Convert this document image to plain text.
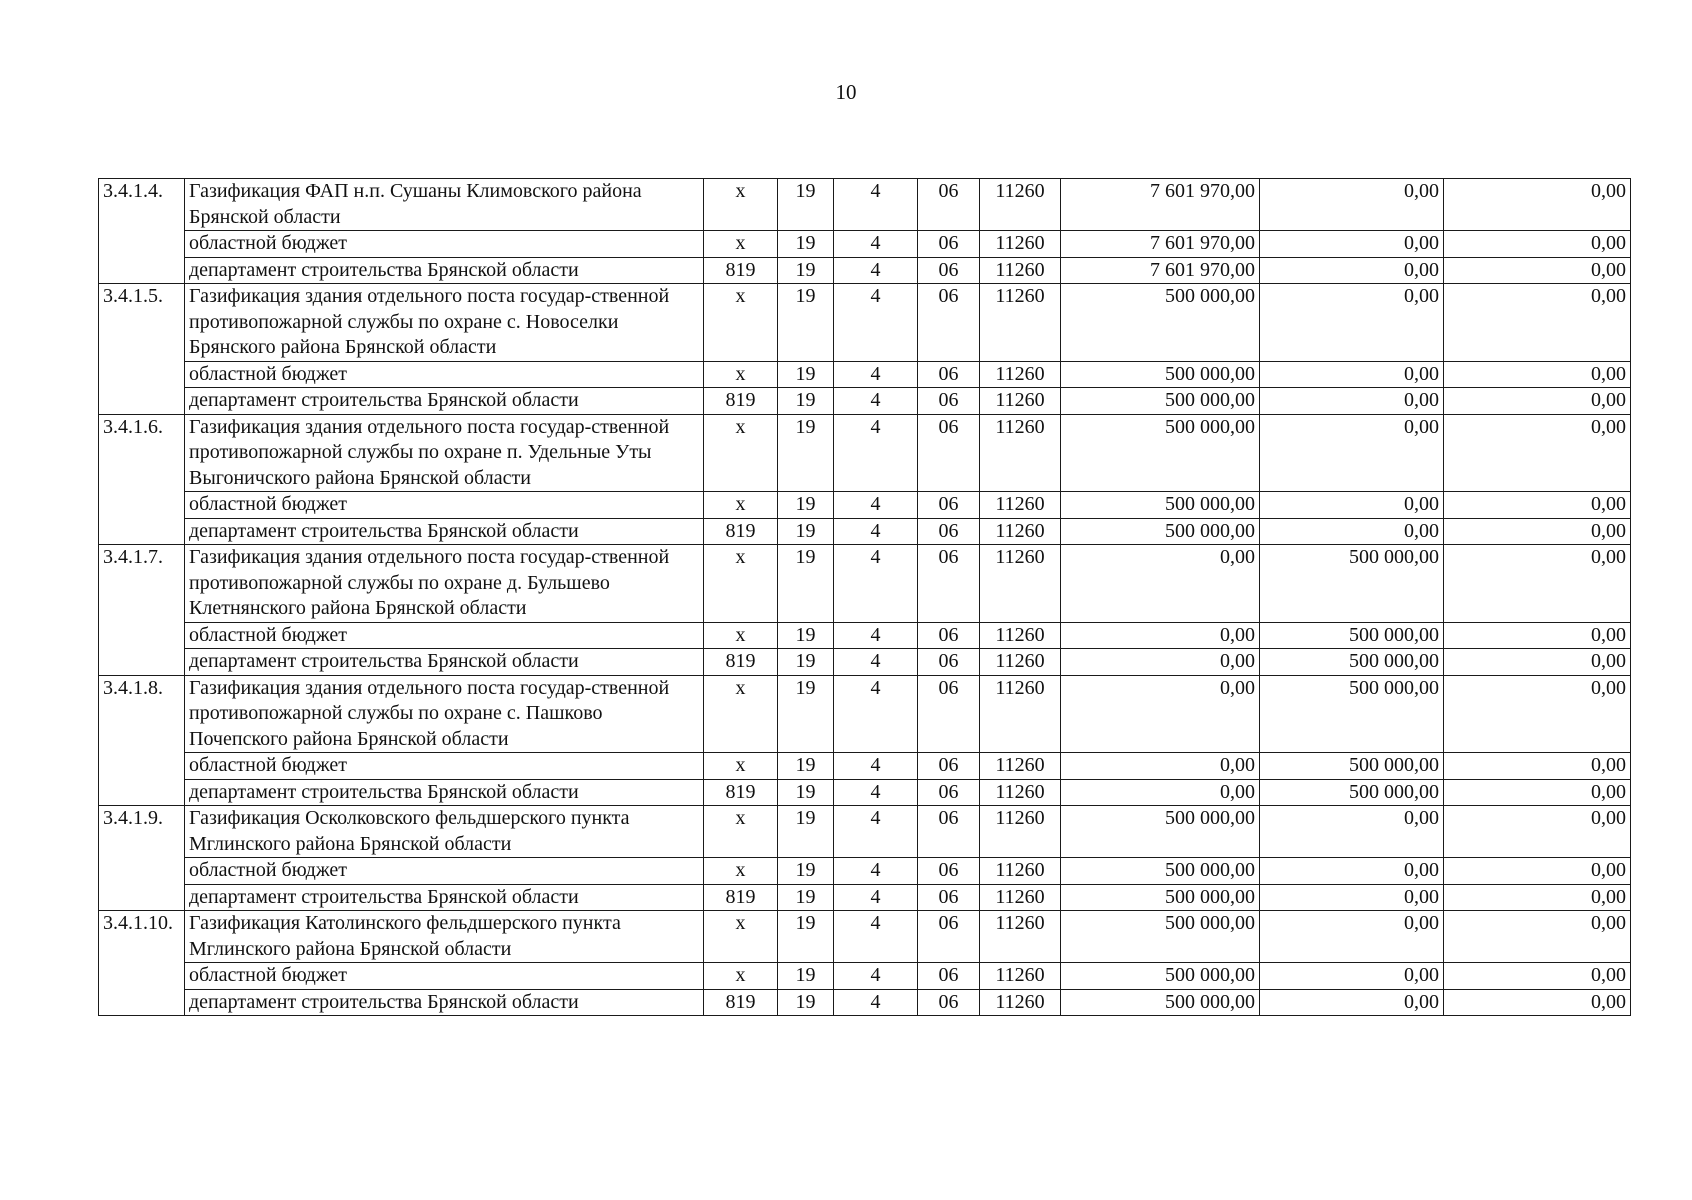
10
3.4.1.4.	Газификация ФАП н.п. Сушаны Климовского района Брянской области	х	19	4	06	11260	7 601 970,00	0,00	0,00
	областной бюджет	х	19	4	06	11260	7 601 970,00	0,00	0,00
	департамент строительства Брянской области	819	19	4	06	11260	7 601 970,00	0,00	0,00
3.4.1.5.	Газификация здания отдельного поста государ-ственной противопожарной службы по охране с. Новоселки Брянского района Брянской области	х	19	4	06	11260	500 000,00	0,00	0,00
	областной бюджет	х	19	4	06	11260	500 000,00	0,00	0,00
	департамент строительства Брянской области	819	19	4	06	11260	500 000,00	0,00	0,00
3.4.1.6.	Газификация здания отдельного поста государ-ственной противопожарной службы по охране п. Удельные Уты Выгоничского района Брянской области	х	19	4	06	11260	500 000,00	0,00	0,00
	областной бюджет	х	19	4	06	11260	500 000,00	0,00	0,00
	департамент строительства Брянской области	819	19	4	06	11260	500 000,00	0,00	0,00
3.4.1.7.	Газификация здания отдельного поста государ-ственной противопожарной службы по охране д. Бульшево Клетнянского района Брянской области	х	19	4	06	11260	0,00	500 000,00	0,00
	областной бюджет	х	19	4	06	11260	0,00	500 000,00	0,00
	департамент строительства Брянской области	819	19	4	06	11260	0,00	500 000,00	0,00
3.4.1.8.	Газификация здания отдельного поста государ-ственной противопожарной службы по охране с. Пашково Почепского района Брянской области	х	19	4	06	11260	0,00	500 000,00	0,00
	областной бюджет	х	19	4	06	11260	0,00	500 000,00	0,00
	департамент строительства Брянской области	819	19	4	06	11260	0,00	500 000,00	0,00
3.4.1.9.	Газификация Осколковского фельдшерского пункта Мглинского района Брянской области	х	19	4	06	11260	500 000,00	0,00	0,00
	областной бюджет	х	19	4	06	11260	500 000,00	0,00	0,00
	департамент строительства Брянской области	819	19	4	06	11260	500 000,00	0,00	0,00
3.4.1.10.	Газификация Католинского фельдшерского пункта Мглинского района Брянской области	х	19	4	06	11260	500 000,00	0,00	0,00
	областной бюджет	х	19	4	06	11260	500 000,00	0,00	0,00
	департамент строительства Брянской области	819	19	4	06	11260	500 000,00	0,00	0,00
